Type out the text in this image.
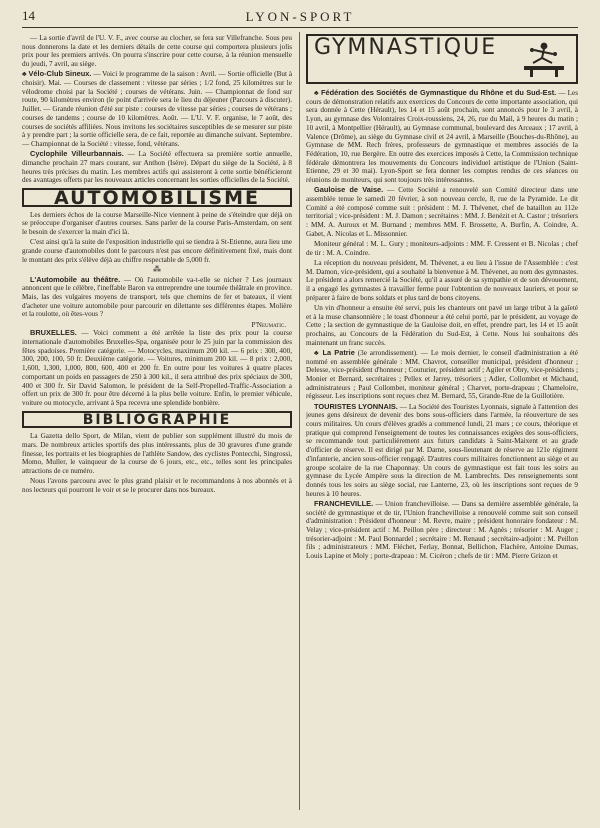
14	LYON-SPORT

— La sortie d'avril de l'U. V. F., avec course au clocher, se fera sur Villefranche. Sous peu nous donnerons la date et les derniers détails de cette course qui comportera plusieurs jolis prix pour les premiers arrivés. On pourra s'inscrire pour cette course, à la réunion mensuelle du jeudi, 7 avril, au siège.

♣ Vélo-Club Sineux. — Voici le programme de la saison : Avril. — Sortie officielle (But à choisir). Mai. — Courses de classement : vitesse par séries ; 1/2 fond, 25 kilomètres sur le vélodrome choisi par la Société ; courses de vétérans. Juin. — Championnat de fond sur route, 90 kilomètres environ (le point d'arrivée sera le lieu du déjeuner (Parcours à discuter). Juillet. — Grande réunion d'été sur piste : courses de vitesse par séries ; courses de vétérans ; courses de tandems ; course de 10 kilomètres. Août. — L'U. V. F. organise, le 7 août, des courses de sociétés affiliées. Nous invitons les sociétaires susceptibles de se mesurer sur piste à y prendre part ; la sortie officielle sera, de ce fait, reportée au dimanche suivant. Septembre. — Championnat de la Société : vitesse, fond, vétérans.

Cyclophile Villeurbannais. — La Société effectuera sa première sortie annuelle, dimanche prochain 27 mars courant, sur Anthon (Isère). Départ du siège de la Société, à 8 heures très précises du matin. Les membres actifs qui assisteront à cette sortie bénéficieront des avantages offerts par les nouveaux articles concernant les sorties officielles de la Société.

AUTOMOBILISME

Les derniers échos de la course Marseille-Nice viennent à peine de s'éteindre que déjà on se préoccupe d'organiser d'autres courses. Sans parler de la course Paris-Amsterdam, on sent le besoin de s'exercer la main d'ici là.

C'est ainsi qu'à la suite de l'exposition industrielle qui se tiendra à St-Etienne, aura lieu une grande course d'automobiles dont le parcours n'est pas encore définitivement fixé, mais dont le montant des prix s'élève déjà au chiffre respectable de 5,000 fr.

⁂

L'Automobile au théâtre. — Où l'automobile va-t-elle se nicher ? Les journaux annoncent que le célèbre, l'ineffable Baron va entreprendre une tournée théâtrale en province. Mais, las des vulgaires moyens de transport, tels que chemins de fer et bateaux, il vient d'acheter une voiture automobile pour parcourir en dilettante ses différentes étapes. Molière et la roulotte, où êtes-vous ?

P'Neumatic.

BRUXELLES. — Voici comment a été arrêtée la liste des prix pour la course internationale d'automobiles Bruxelles-Spa, organisée pour le 25 juin par la commission des fêtes spadoises. Première catégorie. — Motocycles, maximum 200 kil. — 6 prix : 300, 400, 300, 200, 100, 50 fr. Deuxième catégorie. — Voitures, minimum 200 kil. — 8 prix : 2,000, 1,600, 1,300, 1,000, 800, 600, 400 et 200 fr. En outre pour les voitures à quatre places comportant un poids en passagers de 250 à 300 kil., il sera attribué des prix spéciaux de 300, 400 et 300 fr. Sir David Salomon, le président de la Self-Propelled-Traffic-Association a offert un prix de 300 fr. pour être décerné à la plus belle voiture. Enfin, le premier véhicule, voiture ou motocycle, arrivant à Spa recevra une splendide bonbière.

BIBLIOGRAPHIE

La Gazetta dello Sport, de Milan, vient de publier son supplément illustré du mois de mars. De nombreux articles sportifs des plus intéressants, plus de 30 gravures d'une grande finesse, les portraits et les biographies de l'athlète Sandow, des cyclistes Pontecchi, Singrossi, Momo, Muller, le vainqueur de la course de 6 jours, etc., etc., telles sont les principales attractions de ce numéro.

Nous l'avons parcouru avec le plus grand plaisir et le recommandons à nos abonnés et à nos lecteurs qui pourront le voir et se le procurer dans nos bureaux.

GYMNASTIQUE

♣ Fédération des Sociétés de Gymnastique du Rhône et du Sud-Est. — Les cours de démonstration relatifs aux exercices du Concours de cette importante association, qui sera donnée à Cette (Hérault), les 14 et 15 août prochain, sont annoncés pour le 3 avril, à Lyon, au gymnase des Volontaires Croix-roussiens, 24, 26, rue du Mail, à 9 heures du matin ; 10 avril, à Montpellier (Hérault), au Gymnase communal, boulevard des Arceaux ; 17 avril, à Valence (Drôme), au siège du Gymnase civil et 24 avril, à Marseille (Bouches-du-Rhône), au Gymnase de MM. Rech frères, professeurs de gymnastique et membres associés de la Fédération, 10, rue Bergère. En outre des exercices imposés à Cette, la Commission technique fédérale démontrera les mouvements du Concours individuel artistique de l'Union (Saint-Etienne, 29 et 30 mai). Lyon-Sport se fera donner les comptes rendus de ces séances ou réunions de moniteurs, qui sont toujours très intéressantes.

Gauloise de Vaise. — Cette Société a renouvelé son Comité directeur dans une assemblée tenue le samedi 20 février, à son nouveau cercle, 8, rue de la Pyramide. Le dit Comité a été composé comme suit : président : M. J. Thévenet, chef de bataillon au 112e territorial ; vice-président : M. J. Damon ; secrétaires : MM. J. Benézit et A. Castor ; trésoriers : MM. A. Auroux et M. Burnand ; membres MM. F. Brossette, A. Burfin, A. Coindre, A. Gabet, A. Nicolas et L. Missonnier.

Moniteur général : M. L. Gury ; moniteurs-adjoints : MM. F. Cressent et B. Nicolas ; chef de tir : M. A. Coindre.

La réception du nouveau président, M. Thévenet, a eu lieu à l'issue de l'Assemblée : c'est M. Damon, vice-président, qui a souhaité la bienvenue à M. Thévenet, au nom des gymnastes. Le président a alors remercié la Société, qu'il a assuré de sa sympathie et de son dévouement, il a engagé les gymnastes à travailler ferme pour l'obtention de nouveaux lauriers, et pour se préparer à faire de bons soldats et plus tard de bons citoyens.

Un vin d'honneur a ensuite été servi, puis les chanteurs ont pavé un large tribut à la gaîeté et à la muse chansonnière ; le toast d'honneur a été celui porté, par le président, au voyage de Cette ; la section de gymnastique de la Gauloise doit, en effet, prendre part, les 14 et 15 août prochains, au Concours de la Fédération du Sud-Est, à Cette. Nous lui souhaitons dès maintenant un franc succès.

♣ La Patrie (3e arrondissement). — Le mois dernier, le conseil d'administration a été nommé en assemblée générale : MM. Chavrot, conseiller municipal, président d'honneur ; Delesse, vice-président d'honneur ; Couturier, président actif ; Agiler et Obry, vice-présidents ; Monier et Bernard, secrétaires ; Pellex et Jarrey, trésoriers ; Adler, Collombet et Michaud, administrateurs ; Paul Collombet, moniteur général ; Charvet, porte-drapeau ; Chameloire, régisseur. Les inscriptions sont reçues chez M. Bernard, 55, Grande-Rue de la Guillotière.

TOURISTES LYONNAIS. — La Société des Touristes Lyonnais, signale à l'attention des jeunes gens désireux de devenir des bons sous-officiers dans l'armée, la réouverture de ses cours militaires. Un cours d'élèves gradés a commencé lundi, 21 mars ; ce cours, théorique et pratique qui comprend l'enseignement de toutes les connaissances exigées des sous-officiers, se recommande tout particulièrement aux futurs candidats à Saint-Maixent et au grade d'officier de réserve. Il est dirigé par M. Darne, sous-lieutenant de réserve au 121e régiment d'infanterie, ancien sous-officier rengagé. D'autres cours militaires fonctionnent au siège et au groupe scolaire de la rue Chaponnay. Un cours de gymnastique est fait tous les soirs au gymnase du Lycée Ampère sous la direction de M. Lambrechts. Des renseignements sont donnés tous les soirs au siège social, rue Lanterne, 23, où les inscriptions sont reçues de 9 heures à 10 heures.

FRANCHEVILLE. — Union franchevilloise. — Dans sa dernière assemblée générale, la société de gymnastique et de tir, l'Union franchevilloise a renouvelé comme suit son conseil d'administration : Président d'honneur : M. Revre, maire ; président honoraire fondateur : M. Velay ; vice-président actif : M. Peillon père ; directeur : M. Agnès ; trésorier : M. Auger ; trésorier-adjoint : M. Paul Bonnardel ; secrétaire : M. Renaud ; secrétaire-adjoint : M. Peillon fils ; administrateurs : MM. Fléchet, Ferlay, Bonnat, Bellichon, Flachère, Antoine Dumas, Louis Lapine et Moly ; porte-drapeau : M. Cicéron ; chefs de tir : MM. Pierre Grizon et
